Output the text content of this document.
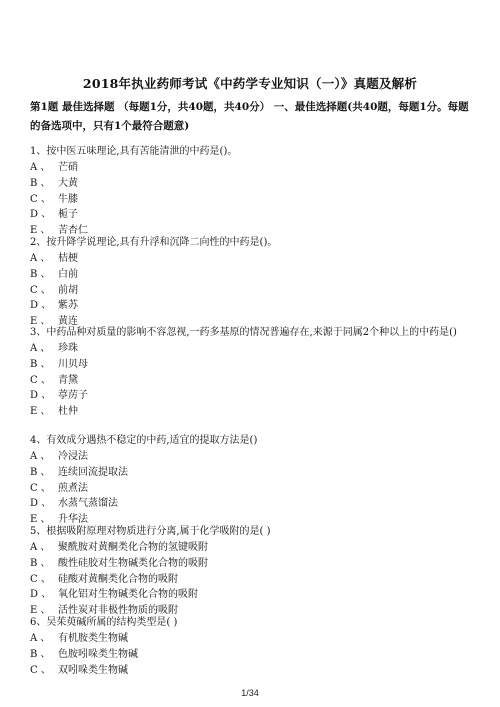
2018年执业药师考试《中药学专业知识（一）》真题及解析
第1题 最佳选择题 （每题1分，共40题，共40分） 一、最佳选择题(共40题，每题1分。每题的备选项中，只有1个最符合题意)
1、按中医五味理论,具有苦能清泄的中药是()。
A 、 芒硝
B 、 大黄
C 、 牛膝
D 、 栀子
E 、 苦杏仁
2、按升降学说理论,具有升浮和沉降二向性的中药是()。
A 、 桔梗
B 、 白前
C 、 前胡
D 、 紫苏
E 、 黄连
3、中药品种对质量的影响不容忽视,一药多基原的情况普遍存在,来源于同属2个种以上的中药是()
A 、 珍珠
B 、 川贝母
C 、 青黛
D 、 葶苈子
E 、 杜仲
4、有效成分遇热不稳定的中药,适宜的提取方法是()
A 、 冷浸法
B 、 连续回流提取法
C 、 煎煮法
D 、 水蒸气蒸馏法
E 、 升华法
5、根据吸附原理对物质进行分离,属于化学吸附的是( )
A 、 聚酰胺对黄酮类化合物的氢键吸附
B 、 酸性硅胶对生物碱类化合物的吸附
C 、 硅酸对黄酮类化合物的吸附
D 、 氧化铝对生物碱类化合物的吸附
E 、 活性炭对非极性物质的吸附
6、吴茱萸碱所属的结构类型是( )
A 、 有机胺类生物碱
B 、 色胺吲哚类生物碱
C 、 双吲哚类生物碱
1/34
